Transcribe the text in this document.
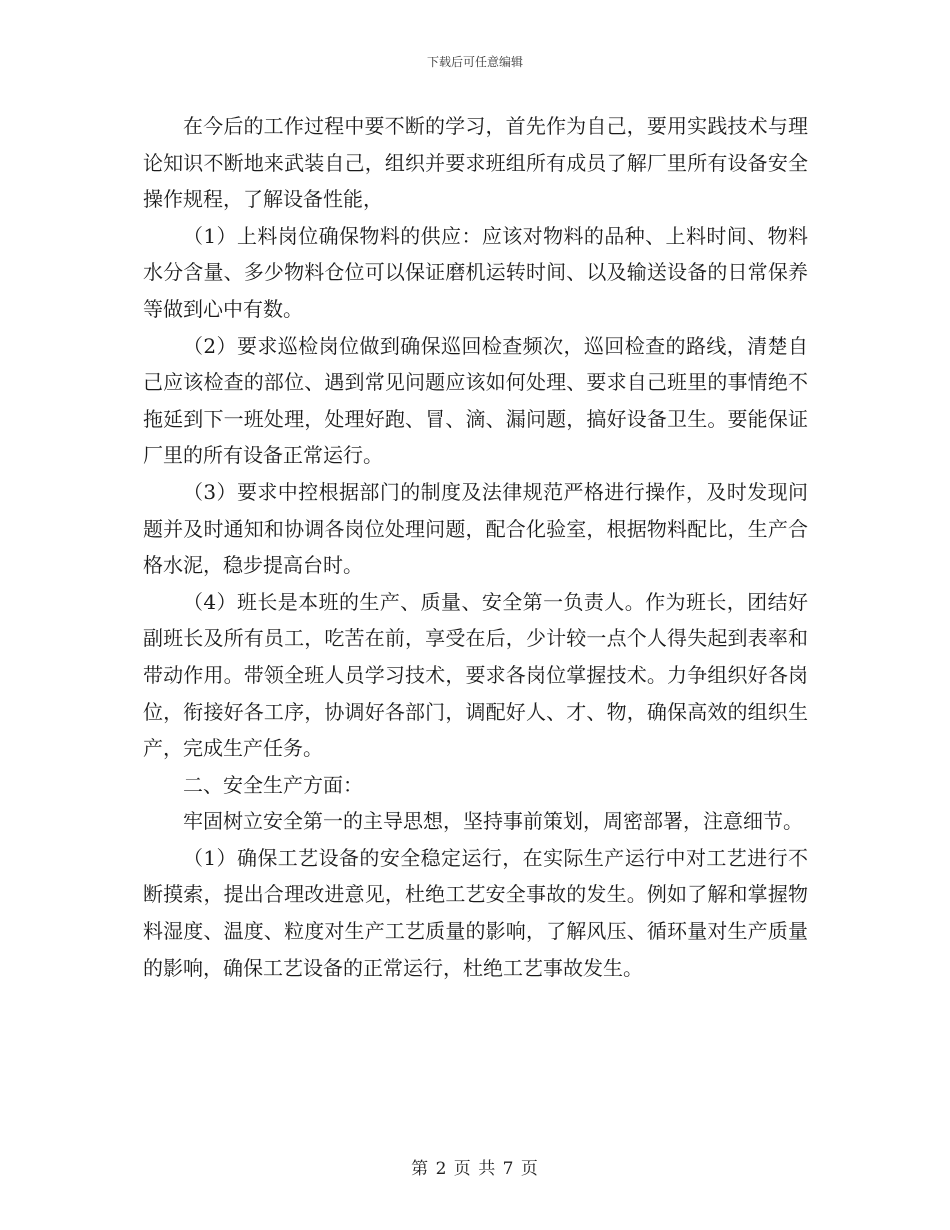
下载后可任意编辑

在今后的工作过程中要不断的学习，首先作为自己，要用实践技术与理论知识不断地来武装自己，组织并要求班组所有成员了解厂里所有设备安全操作规程，了解设备性能，

（1）上料岗位确保物料的供应：应该对物料的品种、上料时间、物料水分含量、多少物料仓位可以保证磨机运转时间、以及输送设备的日常保养等做到心中有数。

（2）要求巡检岗位做到确保巡回检查频次，巡回检查的路线，清楚自己应该检查的部位、遇到常见问题应该如何处理、要求自己班里的事情绝不拖延到下一班处理，处理好跑、冒、滴、漏问题，搞好设备卫生。要能保证厂里的所有设备正常运行。

（3）要求中控根据部门的制度及法律规范严格进行操作，及时发现问题并及时通知和协调各岗位处理问题，配合化验室，根据物料配比，生产合格水泥，稳步提高台时。

（4）班长是本班的生产、质量、安全第一负责人。作为班长，团结好副班长及所有员工，吃苦在前，享受在后，少计较一点个人得失起到表率和带动作用。带领全班人员学习技术，要求各岗位掌握技术。力争组织好各岗位，衔接好各工序，协调好各部门，调配好人、才、物，确保高效的组织生产，完成生产任务。

二、安全生产方面：

牢固树立安全第一的主导思想，坚持事前策划，周密部署，注意细节。

（1）确保工艺设备的安全稳定运行，在实际生产运行中对工艺进行不断摸索，提出合理改进意见，杜绝工艺安全事故的发生。例如了解和掌握物料湿度、温度、粒度对生产工艺质量的影响，了解风压、循环量对生产质量的影响，确保工艺设备的正常运行，杜绝工艺事故发生。

第 2 页 共 7 页
